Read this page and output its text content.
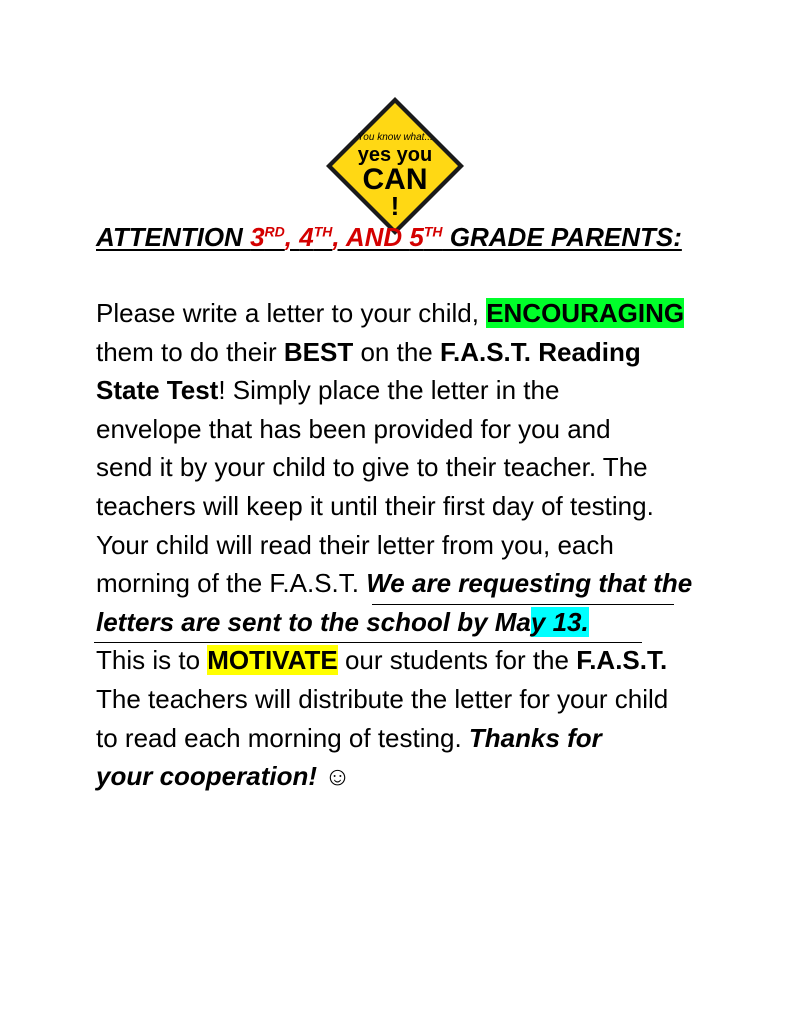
You know what...
yes you
CAN
!
ATTENTION 3RD, 4TH, AND 5TH GRADE PARENTS:
Please write a letter to your child, ENCOURAGING
them to do their BEST on the F.A.S.T. Reading
State Test! Simply place the letter in the
envelope that has been provided for you and
send it by your child to give to their teacher. The
teachers will keep it until their first day of testing.
Your child will read their letter from you, each
morning of the F.A.S.T. We are requesting that the
letters are sent to the school by May 13.
This is to MOTIVATE our students for the F.A.S.T.
The teachers will distribute the letter for your child
to read each morning of testing. Thanks for
your cooperation! ☺
